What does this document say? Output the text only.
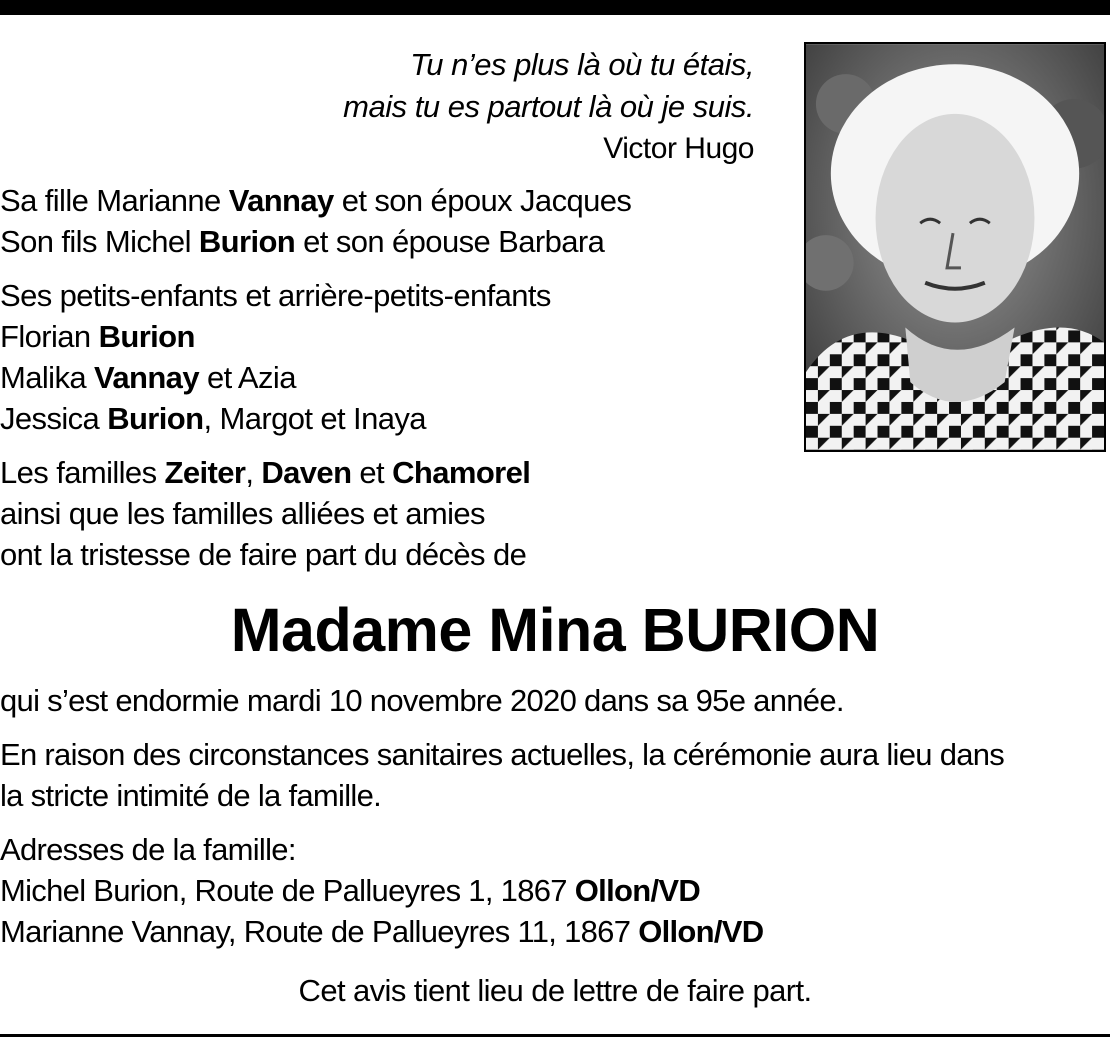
Tu n’es plus là où tu étais,
mais tu es partout là où je suis.
Victor Hugo
Sa fille Marianne Vannay et son époux Jacques
Son fils Michel Burion et son épouse Barbara
Ses petits-enfants et arrière-petits-enfants
Florian Burion
Malika Vannay et Azia
Jessica Burion, Margot et Inaya
Les familles Zeiter, Daven et Chamorel
ainsi que les familles alliées et amies
ont la tristesse de faire part du décès de
Madame Mina BURION
qui s’est endormie mardi 10 novembre 2020 dans sa 95e année.
En raison des circonstances sanitaires actuelles, la cérémonie aura lieu dans
la stricte intimité de la famille.
Adresses de la famille:
Michel Burion, Route de Pallueyres 1, 1867 Ollon/VD
Marianne Vannay, Route de Pallueyres 11, 1867 Ollon/VD
Cet avis tient lieu de lettre de faire part.
